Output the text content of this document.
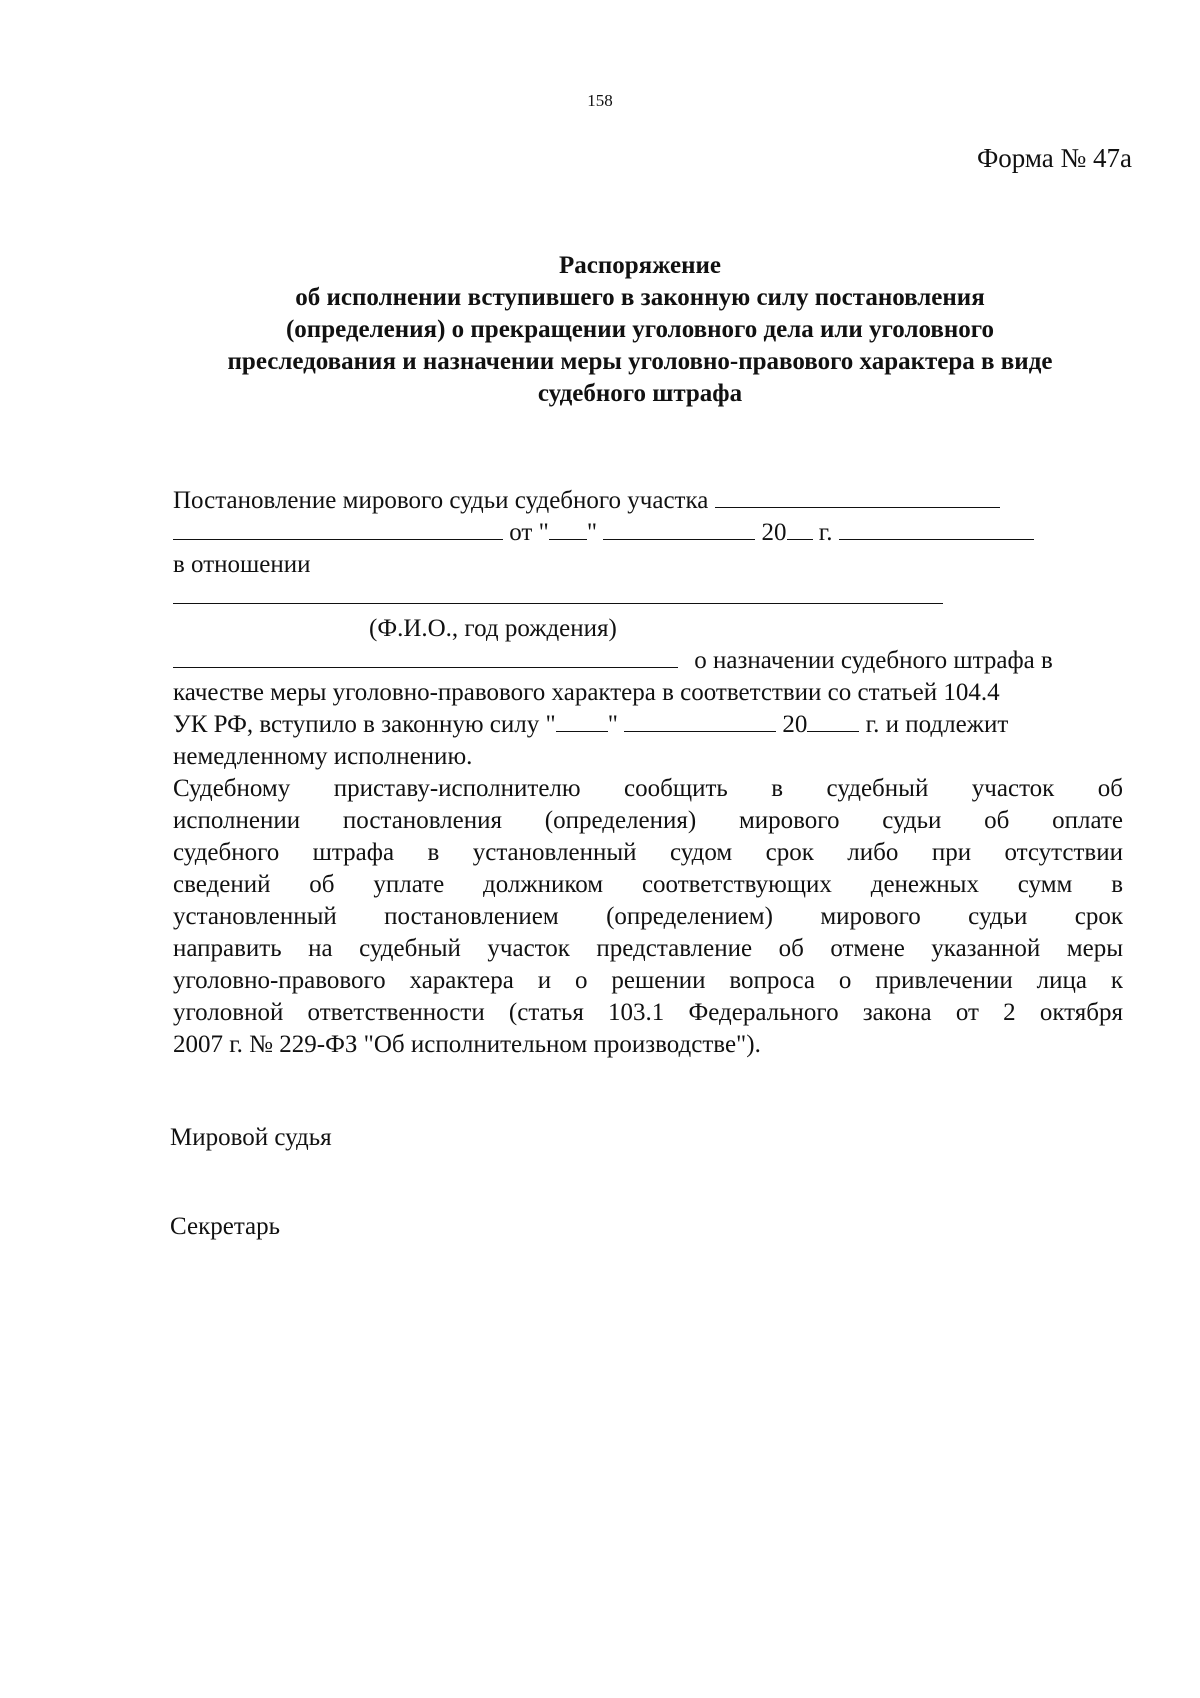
158
Форма № 47а
Распоряжение
об исполнении вступившего в законную силу постановления
(определения) о прекращении уголовного дела или уголовного
преследования и назначении меры уголовно-правового характера в виде
судебного штрафа
Постановление мирового судьи судебного участка
от " "	20 г.
в отношении
(Ф.И.О., год рождения)
о назначении судебного штрафа в
качестве меры уголовно-правового характера в соответствии со статьей 104.4
УК РФ, вступило в законную силу " "	20 г. и подлежит
немедленному исполнению.
Судебному приставу-исполнителю сообщить в судебный участок об
исполнении постановления (определения) мирового судьи об оплате
судебного штрафа в установленный судом срок либо при отсутствии
сведений об уплате должником соответствующих денежных сумм в
установленный постановлением (определением) мирового судьи срок
направить на судебный участок представление об отмене указанной меры
уголовно-правового характера и о решении вопроса о привлечении лица к
уголовной ответственности (статья 103.1 Федерального закона от 2 октября
2007 г. № 229-ФЗ "Об исполнительном производстве").
Мировой судья
Секретарь
